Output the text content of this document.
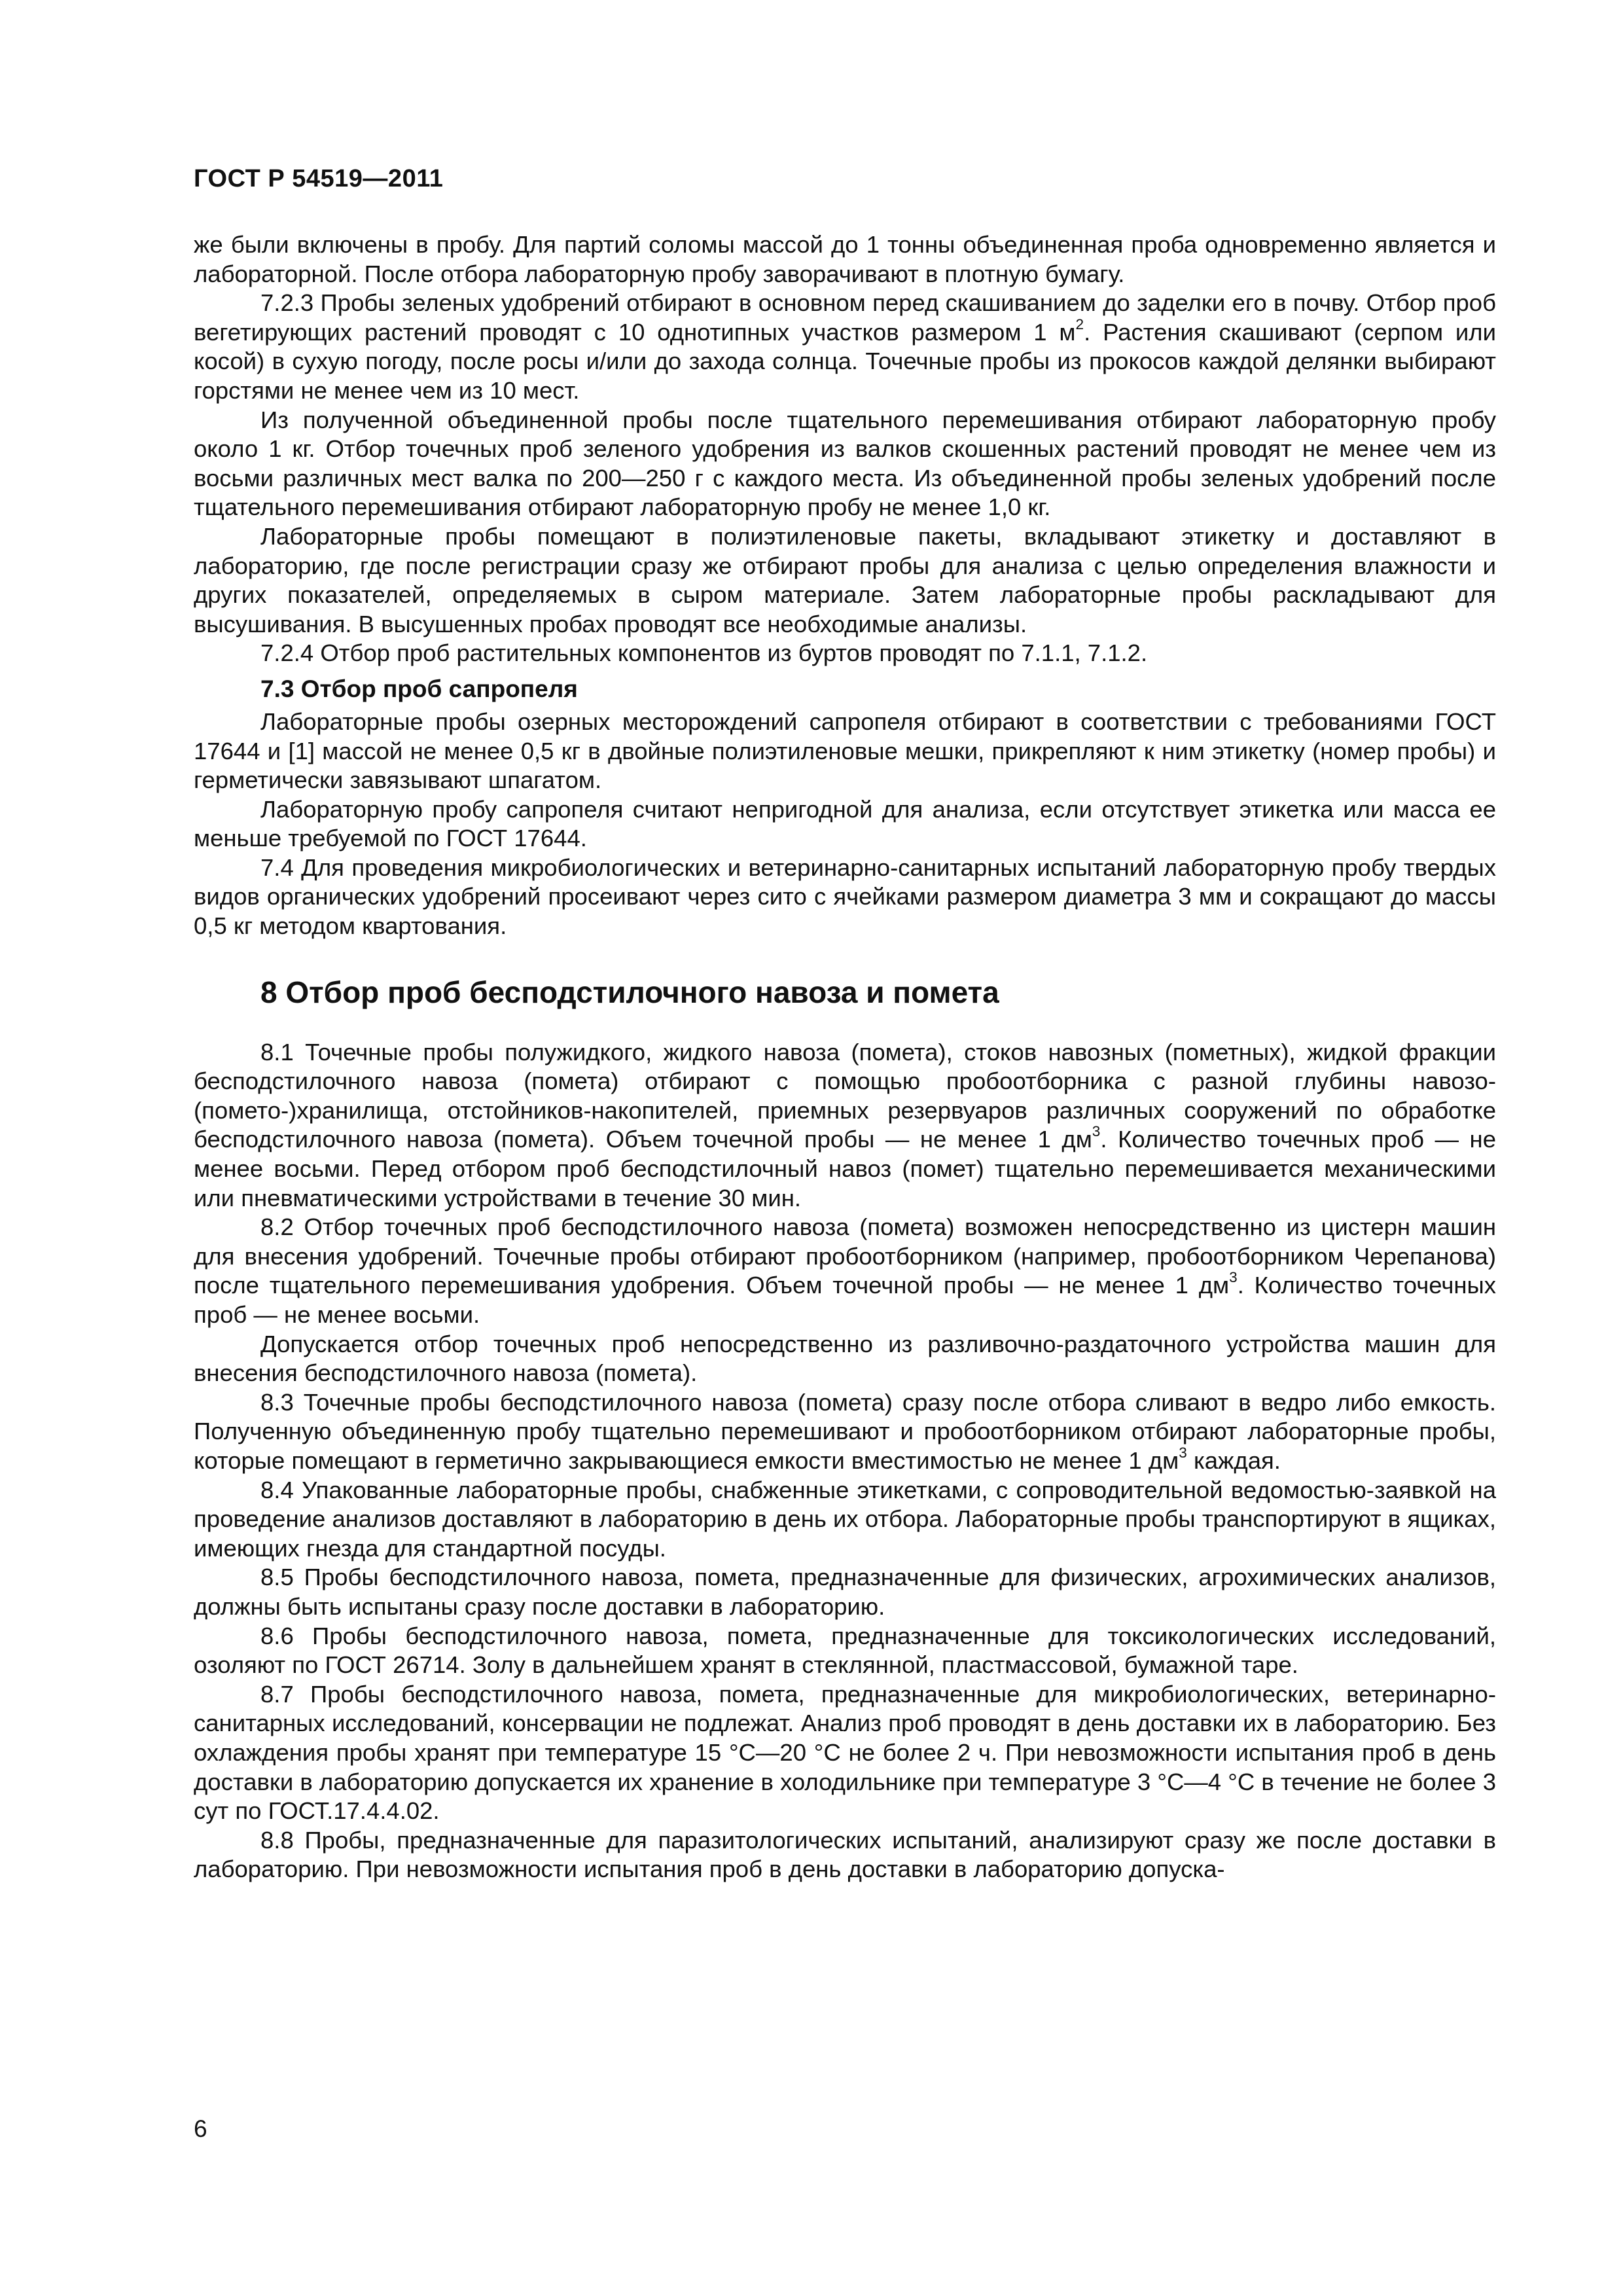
ГОСТ Р 54519—2011

же были включены в пробу. Для партий соломы массой до 1 тонны объединенная проба одновременно является и лабораторной. После отбора лабораторную пробу заворачивают в плотную бумагу.

7.2.3 Пробы зеленых удобрений отбирают в основном перед скашиванием до заделки его в почву. Отбор проб вегетирующих растений проводят с 10 однотипных участков размером 1 $м^2$. Растения скашивают (серпом или косой) в сухую погоду, после росы и/или до захода солнца. Точечные пробы из прокосов каждой делянки выбирают горстями не менее чем из 10 мест.

Из полученной объединенной пробы после тщательного перемешивания отбирают лабораторную пробу около 1 кг. Отбор точечных проб зеленого удобрения из валков скошенных растений проводят не менее чем из восьми различных мест валка по 200—250 г с каждого места. Из объединенной пробы зеленых удобрений после тщательного перемешивания отбирают лабораторную пробу не менее 1,0 кг.

Лабораторные пробы помещают в полиэтиленовые пакеты, вкладывают этикетку и доставляют в лабораторию, где после регистрации сразу же отбирают пробы для анализа с целью определения влажности и других показателей, определяемых в сыром материале. Затем лабораторные пробы раскладывают для высушивания. В высушенных пробах проводят все необходимые анализы.

7.2.4 Отбор проб растительных компонентов из буртов проводят по 7.1.1, 7.1.2.

7.3 Отбор проб сапропеля

Лабораторные пробы озерных месторождений сапропеля отбирают в соответствии с требованиями ГОСТ 17644 и [1] массой не менее 0,5 кг в двойные полиэтиленовые мешки, прикрепляют к ним этикетку (номер пробы) и герметически завязывают шпагатом.

Лабораторную пробу сапропеля считают непригодной для анализа, если отсутствует этикетка или масса ее меньше требуемой по ГОСТ 17644.

7.4 Для проведения микробиологических и ветеринарно-санитарных испытаний лабораторную пробу твердых видов органических удобрений просеивают через сито с ячейками размером диаметра 3 мм и сокращают до массы 0,5 кг методом квартования.

8 Отбор проб бесподстилочного навоза и помета

8.1 Точечные пробы полужидкого, жидкого навоза (помета), стоков навозных (пометных), жидкой фракции бесподстилочного навоза (помета) отбирают с помощью пробоотборника с разной глубины навозо-(помето-)хранилища, отстойников-накопителей, приемных резервуаров различных сооружений по обработке бесподстилочного навоза (помета). Объем точечной пробы — не менее 1 $дм^3$. Количество точечных проб — не менее восьми. Перед отбором проб бесподстилочный навоз (помет) тщательно перемешивается механическими или пневматическими устройствами в течение 30 мин.

8.2 Отбор точечных проб бесподстилочного навоза (помета) возможен непосредственно из цистерн машин для внесения удобрений. Точечные пробы отбирают пробоотборником (например, пробоотборником Черепанова) после тщательного перемешивания удобрения. Объем точечной пробы — не менее 1 $дм^3$. Количество точечных проб — не менее восьми.

Допускается отбор точечных проб непосредственно из разливочно-раздаточного устройства машин для внесения бесподстилочного навоза (помета).

8.3 Точечные пробы бесподстилочного навоза (помета) сразу после отбора сливают в ведро либо емкость. Полученную объединенную пробу тщательно перемешивают и пробоотборником отбирают лабораторные пробы, которые помещают в герметично закрывающиеся емкости вместимостью не менее 1 $дм^3$ каждая.

8.4 Упакованные лабораторные пробы, снабженные этикетками, с сопроводительной ведомостью-заявкой на проведение анализов доставляют в лабораторию в день их отбора. Лабораторные пробы транспортируют в ящиках, имеющих гнезда для стандартной посуды.

8.5 Пробы бесподстилочного навоза, помета, предназначенные для физических, агрохимических анализов, должны быть испытаны сразу после доставки в лабораторию.

8.6 Пробы бесподстилочного навоза, помета, предназначенные для токсикологических исследований, озоляют по ГОСТ 26714. Золу в дальнейшем хранят в стеклянной, пластмассовой, бумажной таре.

8.7 Пробы бесподстилочного навоза, помета, предназначенные для микробиологических, ветеринарно-санитарных исследований, консервации не подлежат. Анализ проб проводят в день доставки их в лабораторию. Без охлаждения пробы хранят при температуре 15 °С—20 °С не более 2 ч. При невозможности испытания проб в день доставки в лабораторию допускается их хранение в холодильнике при температуре 3 °С—4 °С в течение не более 3 сут по ГОСТ.17.4.4.02.

8.8 Пробы, предназначенные для паразитологических испытаний, анализируют сразу же после доставки в лабораторию. При невозможности испытания проб в день доставки в лабораторию допуска-

6
